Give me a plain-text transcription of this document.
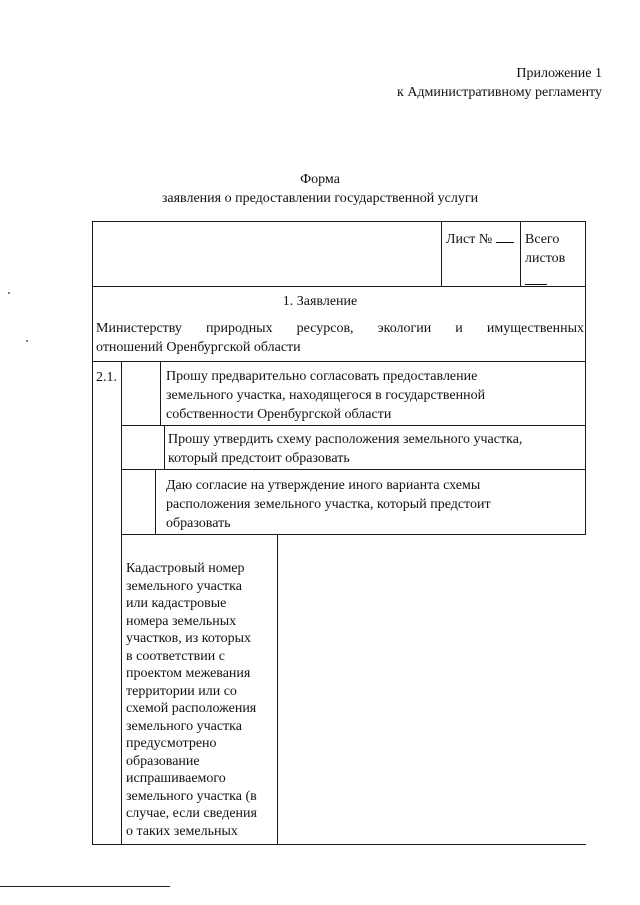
Приложение 1
к Административному регламенту
Форма
заявления о предоставлении государственной услуги
Лист №	Всего
листов
1. Заявление
Министерству природных ресурсов, экологии и имущественных
отношений Оренбургской области
2.1.	Прошу предварительно согласовать предоставление
земельного участка, находящегося в государственной
собственности Оренбургской области
Прошу утвердить схему расположения земельного участка,
который предстоит образовать
Даю согласие на утверждение иного варианта схемы
расположения земельного участка, который предстоит
образовать
Кадастровый номер
земельного участка
или кадастровые
номера земельных
участков, из которых
в соответствии с
проектом межевания
территории или со
схемой расположения
земельного участка
предусмотрено
образование
испрашиваемого
земельного участка (в
случае, если сведения
о таких земельных
